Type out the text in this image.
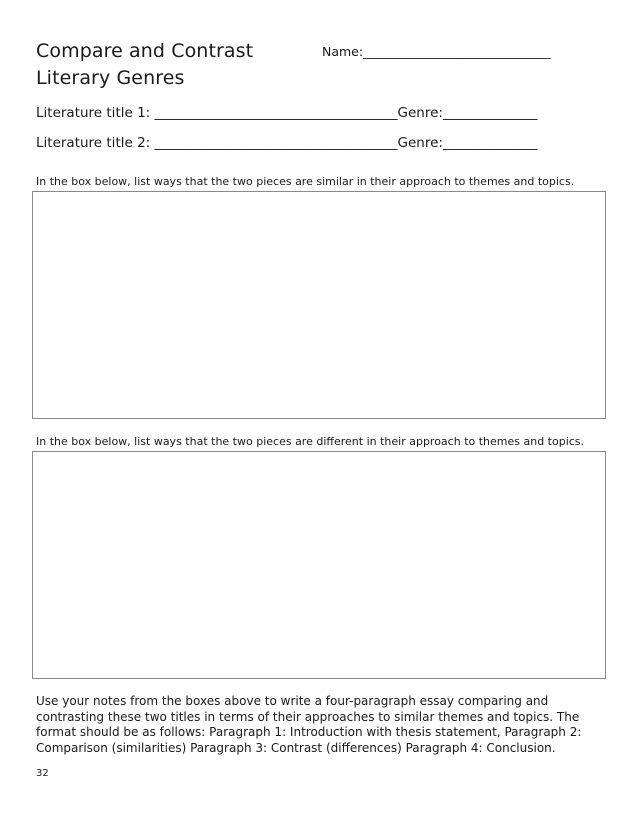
Compare and Contrast
Literary Genres
Name:______________________________
Literature title 1: ____________________________________Genre:______________
Literature title 2: ____________________________________Genre:______________
In the box below, list ways that the two pieces are similar in their approach to themes and topics.
In the box below, list ways that the two pieces are different in their approach to themes and topics.
Use your notes from the boxes above to write a four-paragraph essay comparing and contrasting these two titles in terms of their approaches to similar themes and topics. The format should be as follows: Paragraph 1: Introduction with thesis statement, Paragraph 2: Comparison (similarities) Paragraph 3: Contrast (differences) Paragraph 4: Conclusion.
32
